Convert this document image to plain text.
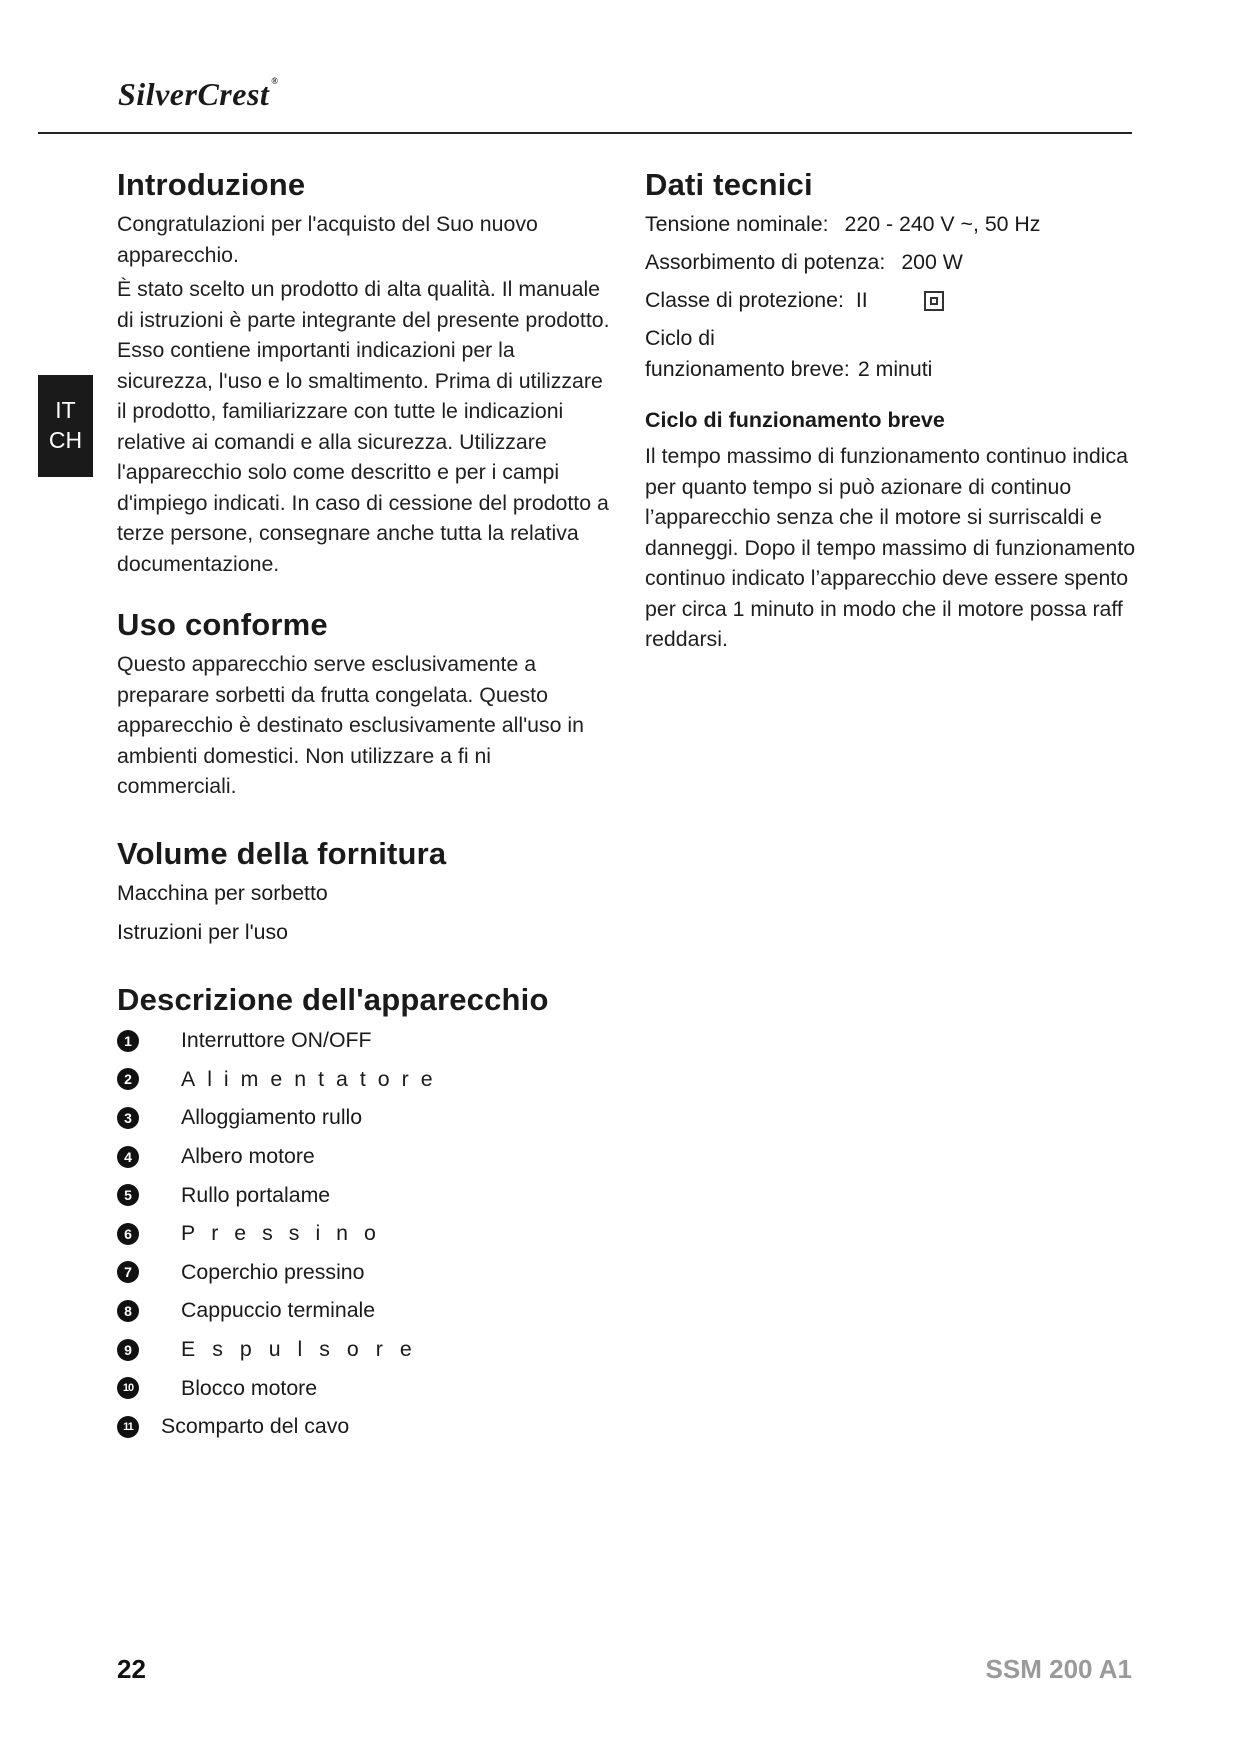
SilverCrest ®
IT
CH
Introduzione

Congratulazioni per l'acquisto del Suo nuovo apparecchio.

È stato scelto un prodotto di alta qualità. Il manuale di istruzioni è parte integrante del presente prodotto. Esso contiene importanti indicazioni per la sicurezza, l'uso e lo smaltimento. Prima di utilizzare il prodotto, familiarizzare con tutte le indicazioni relative ai comandi e alla sicurezza. Utilizzare l'apparecchio solo come descritto e per i campi d'impiego indicati. In caso di cessione del prodotto a terze persone, consegnare anche tutta la relativa documentazione.

Uso conforme

Questo apparecchio serve esclusivamente a preparare sorbetti da frutta congelata. Questo apparecchio è destinato esclusivamente all'uso in ambienti domestici. Non utilizzare a fi ni commerciali.

Volume della fornitura
Macchina per sorbetto
Istruzioni per l'uso
Descrizione dell'apparecchio
1	Interruttore ON/OFF
2	Alimentatore
3	Alloggiamento rullo
4	Albero motore
5	Rullo portalame
6	Pressino
7	Coperchio pressino
8	Cappuccio terminale
9	Espulsore
10 Blocco motore
11 Scomparto del cavo
Dati tecnici
Tensione nominale: 220 - 240 V ~, 50 Hz
Assorbimento di potenza: 200 W
Classe di protezione: II
Ciclo di
funzionamento breve: 2 minuti
Ciclo di funzionamento breve

Il tempo massimo di funzionamento continuo indica per quanto tempo si può azionare di continuo l’apparecchio senza che il motore si surriscaldi e danneggi. Dopo il tempo massimo di funzionamento continuo indicato l’apparecchio deve essere spento per circa 1 minuto in modo che il motore possa raff reddarsi.

22	SSM 200 A1
